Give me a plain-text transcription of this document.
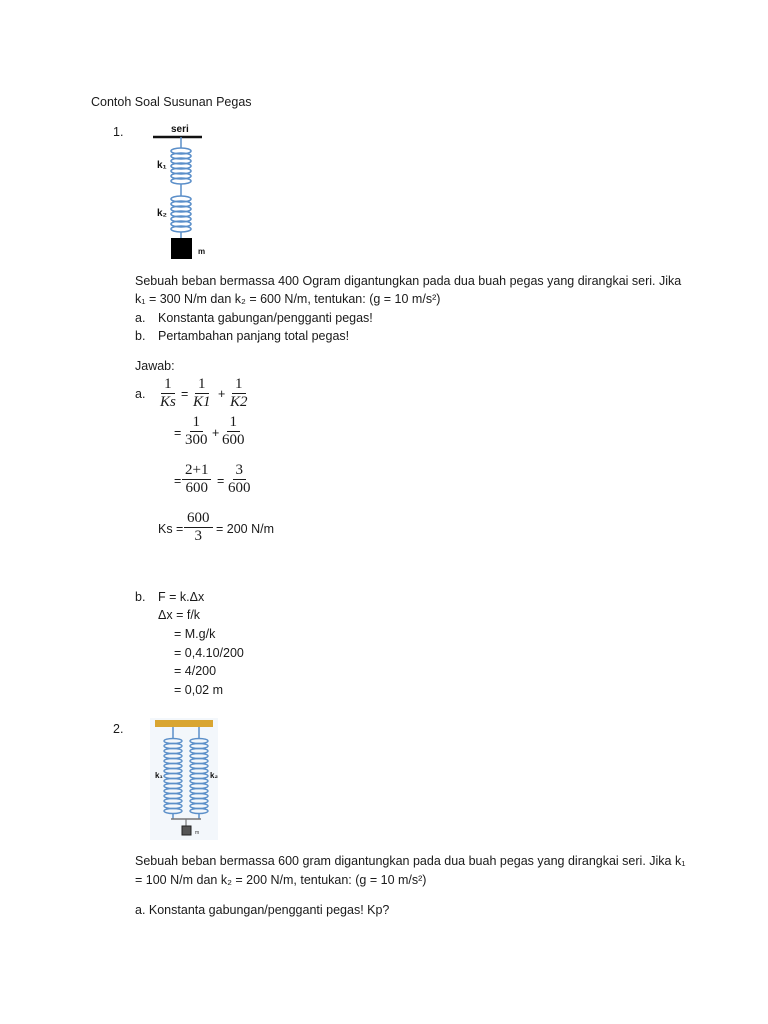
Contoh Soal Susunan Pegas
1.	seri
k₁
k₂
m
Sebuah beban bermassa 400 Ogram digantungkan pada dua buah pegas yang dirangkai seri. Jika
k₁ = 300 N/m dan k₂ = 600 N/m, tentukan: (g = 10 m/s²)
a. Konstanta gabungan/pengganti pegas!
b. Pertambahan panjang total pegas!
Jawab:
a. $\frac{1}{Ks} = \frac{1}{K1} + \frac{1}{K2}$
= $\frac{1}{300} + \frac{1}{600}$
= $\frac{2+1}{600} = \frac{3}{600}$
$Ks = \frac{600}{3} = 200$ N/m
b. F = k.Δx
Δx = f/k
= M.g/k
= 0,4.10/200
= 4/200
= 0,02 m
2.
k₁	k₂
m
Sebuah beban bermassa 600 gram digantungkan pada dua buah pegas yang dirangkai seri. Jika k₁
= 100 N/m dan k₂ = 200 N/m, tentukan: (g = 10 m/s²)
a. Konstanta gabungan/pengganti pegas! Kp?
